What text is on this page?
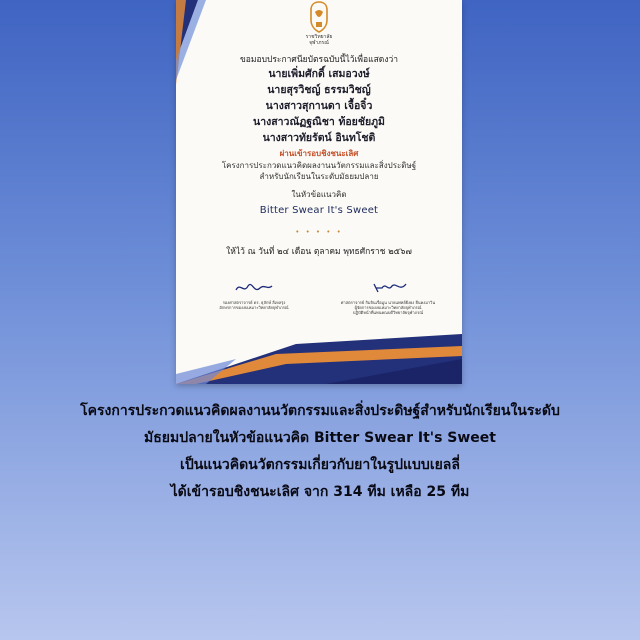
ราชวิทยาลัย
จุฬาภรณ์
ขอมอบประกาศนียบัตรฉบับนี้ไว้เพื่อแสดงว่า
นายเพิ่มศักดิ์ เสมอวงษ์
นายสุรวิชญ์ ธรรมวิชญ์
นางสาวสุกานดา เจื้อจิ๋ว
นางสาวณัฏฐณิชา ท้อยชัยภูมิ
นางสาวทัยรัตน์ อินทโชติ
ผ่านเข้ารอบชิงชนะเลิศ
โครงการประกวดแนวคิดผลงานนวัตกรรมและสิ่งประดิษฐ์
สำหรับนักเรียนในระดับมัธยมปลาย
ในหัวข้อแนวคิด
Bitter Swear It's Sweet
• • • • •
ให้ไว้ ณ วันที่ ๒๔ เดือน ตุลาคม พุทธศักราช ๒๕๖๗
รองศาสตราจารย์ ดร. ธุลักษ์ ลีเหลรุ่ง
อักษรการของงบเหมาะวิทยาลัยจุฬาภรณ์
ศาสตราจารย์ กิมจินเรื่อมูน นายแพทย์ยิ่งยง ยืนคงมาวิน
ผู้จัดการของงบเหมาะวิทยาลัยจุฬาภรณ์
ปฏิบัติหน้าที่แทนคณบดีวิทยาลัยจุฬาภรณ์
โครงการประกวดแนวคิดผลงานนวัตกรรมและสิ่งประดิษฐ์สำหรับนักเรียนในระดับ
มัธยมปลายในหัวข้อแนวคิด Bitter Swear It's Sweet
เป็นแนวคิดนวัตกรรมเกี่ยวกับยาในรูปแบบเยลลี่
ได้เข้ารอบชิงชนะเลิศ จาก 314 ทีม เหลือ 25 ทีม
